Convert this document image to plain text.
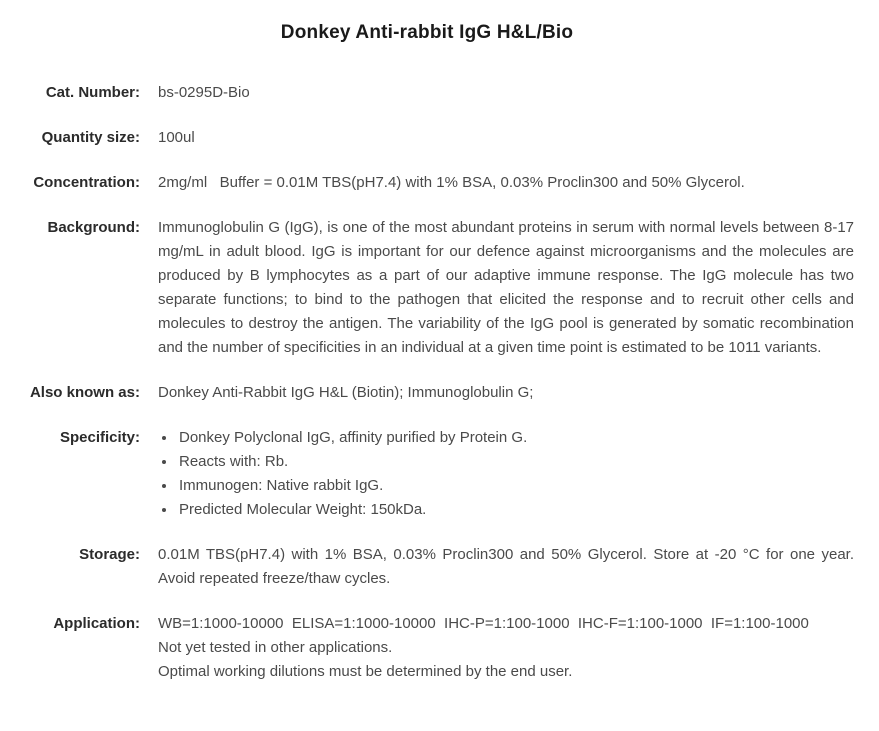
Donkey Anti-rabbit IgG H&L/Bio
Cat. Number: bs-0295D-Bio
Quantity size: 100ul
Concentration: 2mg/ml   Buffer = 0.01M TBS(pH7.4) with 1% BSA, 0.03% Proclin300 and 50% Glycerol.
Background: Immunoglobulin G (IgG), is one of the most abundant proteins in serum with normal levels between 8-17 mg/mL in adult blood. IgG is important for our defence against microorganisms and the molecules are produced by B lymphocytes as a part of our adaptive immune response. The IgG molecule has two separate functions; to bind to the pathogen that elicited the response and to recruit other cells and molecules to destroy the antigen. The variability of the IgG pool is generated by somatic recombination and the number of specificities in an individual at a given time point is estimated to be 1011 variants.
Also known as: Donkey Anti-Rabbit IgG H&L (Biotin); Immunoglobulin G;
Specificity:	• Donkey Polyclonal IgG, affinity purified by Protein G.
• Reacts with: Rb.
• Immunogen: Native rabbit IgG.
• Predicted Molecular Weight: 150kDa.
Storage: 0.01M TBS(pH7.4) with 1% BSA, 0.03% Proclin300 and 50% Glycerol. Store at -20 °C for one year. Avoid repeated freeze/thaw cycles.
Application: WB=1:1000-10000  ELISA=1:1000-10000  IHC-P=1:100-1000  IHC-F=1:100-1000  IF=1:100-1000
Not yet tested in other applications.
Optimal working dilutions must be determined by the end user.
